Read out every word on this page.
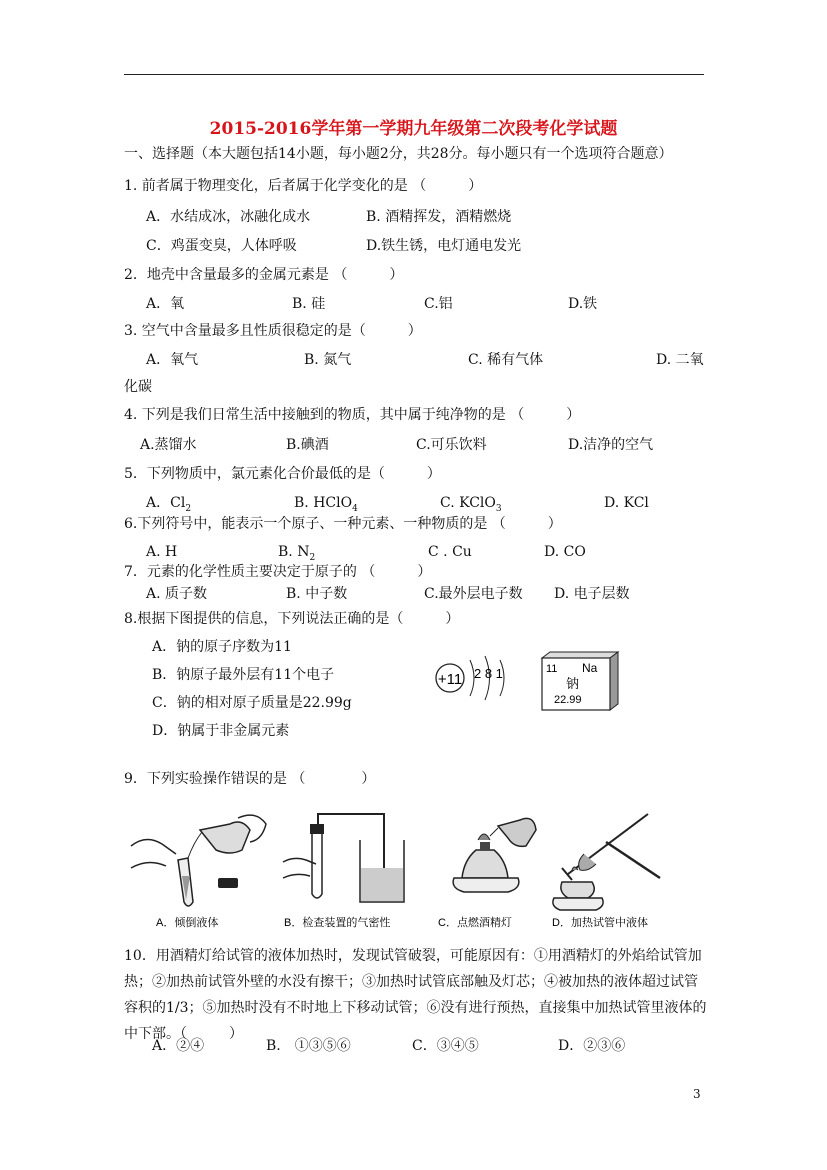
2015-2016学年第一学期九年级第二次段考化学试题
一、选择题（本大题包括14小题，每小题2分，共28分。每小题只有一个选项符合题意）
1. 前者属于物理变化，后者属于化学变化的是 （　　　）
A．水结成冰，冰融化成水	B. 酒精挥发，酒精燃烧
C．鸡蛋变臭，人体呼吸	D.铁生锈，电灯通电发光
2．地壳中含量最多的金属元素是 （　　　）
A．氧	B. 硅	C.铝	D.铁
3. 空气中含量最多且性质很稳定的是（　　　）
A．氧气	B. 氮气	C. 稀有气体	D. 二氧
化碳
4. 下列是我们日常生活中接触到的物质，其中属于纯净物的是 （　　　）
A.蒸馏水	B.碘酒	C.可乐饮料	D.洁净的空气
5．下列物质中，氯元素化合价最低的是（　　　）
A．$Cl_2$	B. HClO$_4$	C. KClO$_3$	D. KCl
6.下列符号中，能表示一个原子、一种元素、一种物质的是 （　　　）
A. H	B. $N_2$	C . Cu	D. CO
7．元素的化学性质主要决定于原子的 （　　　）
A. 质子数	B. 中子数	C.最外层电子数 D. 电子层数
8.根据下图提供的信息，下列说法正确的是（　　　）
A．钠的原子序数为11
B．钠原子最外层有11个电子
C．钠的相对原子质量是22.99g
D．钠属于非金属元素
+11 2 8 1	11 Na
钠
22.99
9．下列实验操作错误的是 （　　　　）
A．倾倒液体	B．检查装置的气密性	C．点燃酒精灯	D．加热试管中液体
10．用酒精灯给试管的液体加热时，发现试管破裂，可能原因有：①用酒精灯的外焰给试管加热；②加热前试管外壁的水没有擦干；③加热时试管底部触及灯芯；④被加热的液体超过试管容积的1/3；⑤加热时没有不时地上下移动试管；⑥没有进行预热，直接集中加热试管里液体的中下部。（　　　）
A．②④	B.　①③⑤⑥	C．③④⑤	D．②③⑥
3
